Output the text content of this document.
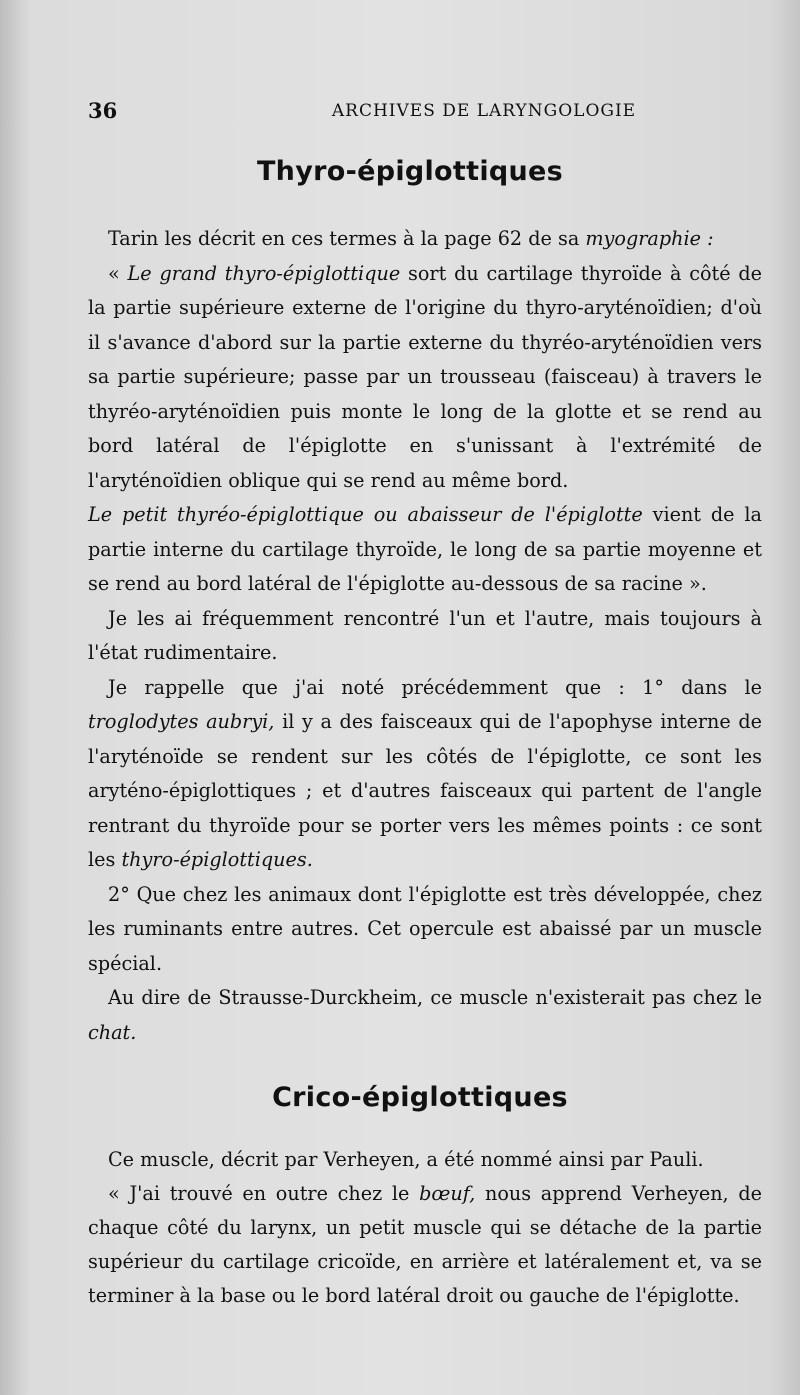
36	ARCHIVES DE LARYNGOLOGIE
Thyro-épiglottiques

Tarin les décrit en ces termes à la page 62 de sa myographie :

« Le grand thyro-épiglottique sort du cartilage thyroïde à côté de la partie supérieure externe de l'origine du thyro-aryténoïdien; d'où il s'avance d'abord sur la partie externe du thyréo-aryténoïdien vers sa partie supérieure; passe par un trousseau (faisceau) à travers le thyréo-aryténoïdien puis monte le long de la glotte et se rend au bord latéral de l'épiglotte en s'unissant à l'extrémité de l'aryténoïdien oblique qui se rend au même bord.

Le petit thyréo-épiglottique ou abaisseur de l'épiglotte vient de la partie interne du cartilage thyroïde, le long de sa partie moyenne et se rend au bord latéral de l'épiglotte au-dessous de sa racine ».

Je les ai fréquemment rencontré l'un et l'autre, mais toujours à l'état rudimentaire.

Je rappelle que j'ai noté précédemment que : 1° dans le troglodytes aubryi, il y a des faisceaux qui de l'apophyse interne de l'aryténoïde se rendent sur les côtés de l'épiglotte, ce sont les aryténo-épiglottiques ; et d'autres faisceaux qui partent de l'angle rentrant du thyroïde pour se porter vers les mêmes points : ce sont les thyro-épiglottiques.

2° Que chez les animaux dont l'épiglotte est très développée, chez les ruminants entre autres. Cet opercule est abaissé par un muscle spécial.

Au dire de Strausse-Durckheim, ce muscle n'existerait pas chez le chat.

Crico-épiglottiques

Ce muscle, décrit par Verheyen, a été nommé ainsi par Pauli.

« J'ai trouvé en outre chez le bœuf, nous apprend Verheyen, de chaque côté du larynx, un petit muscle qui se détache de la partie supérieur du cartilage cricoïde, en arrière et latéralement et, va se terminer à la base ou le bord latéral droit ou gauche de l'épiglotte.
